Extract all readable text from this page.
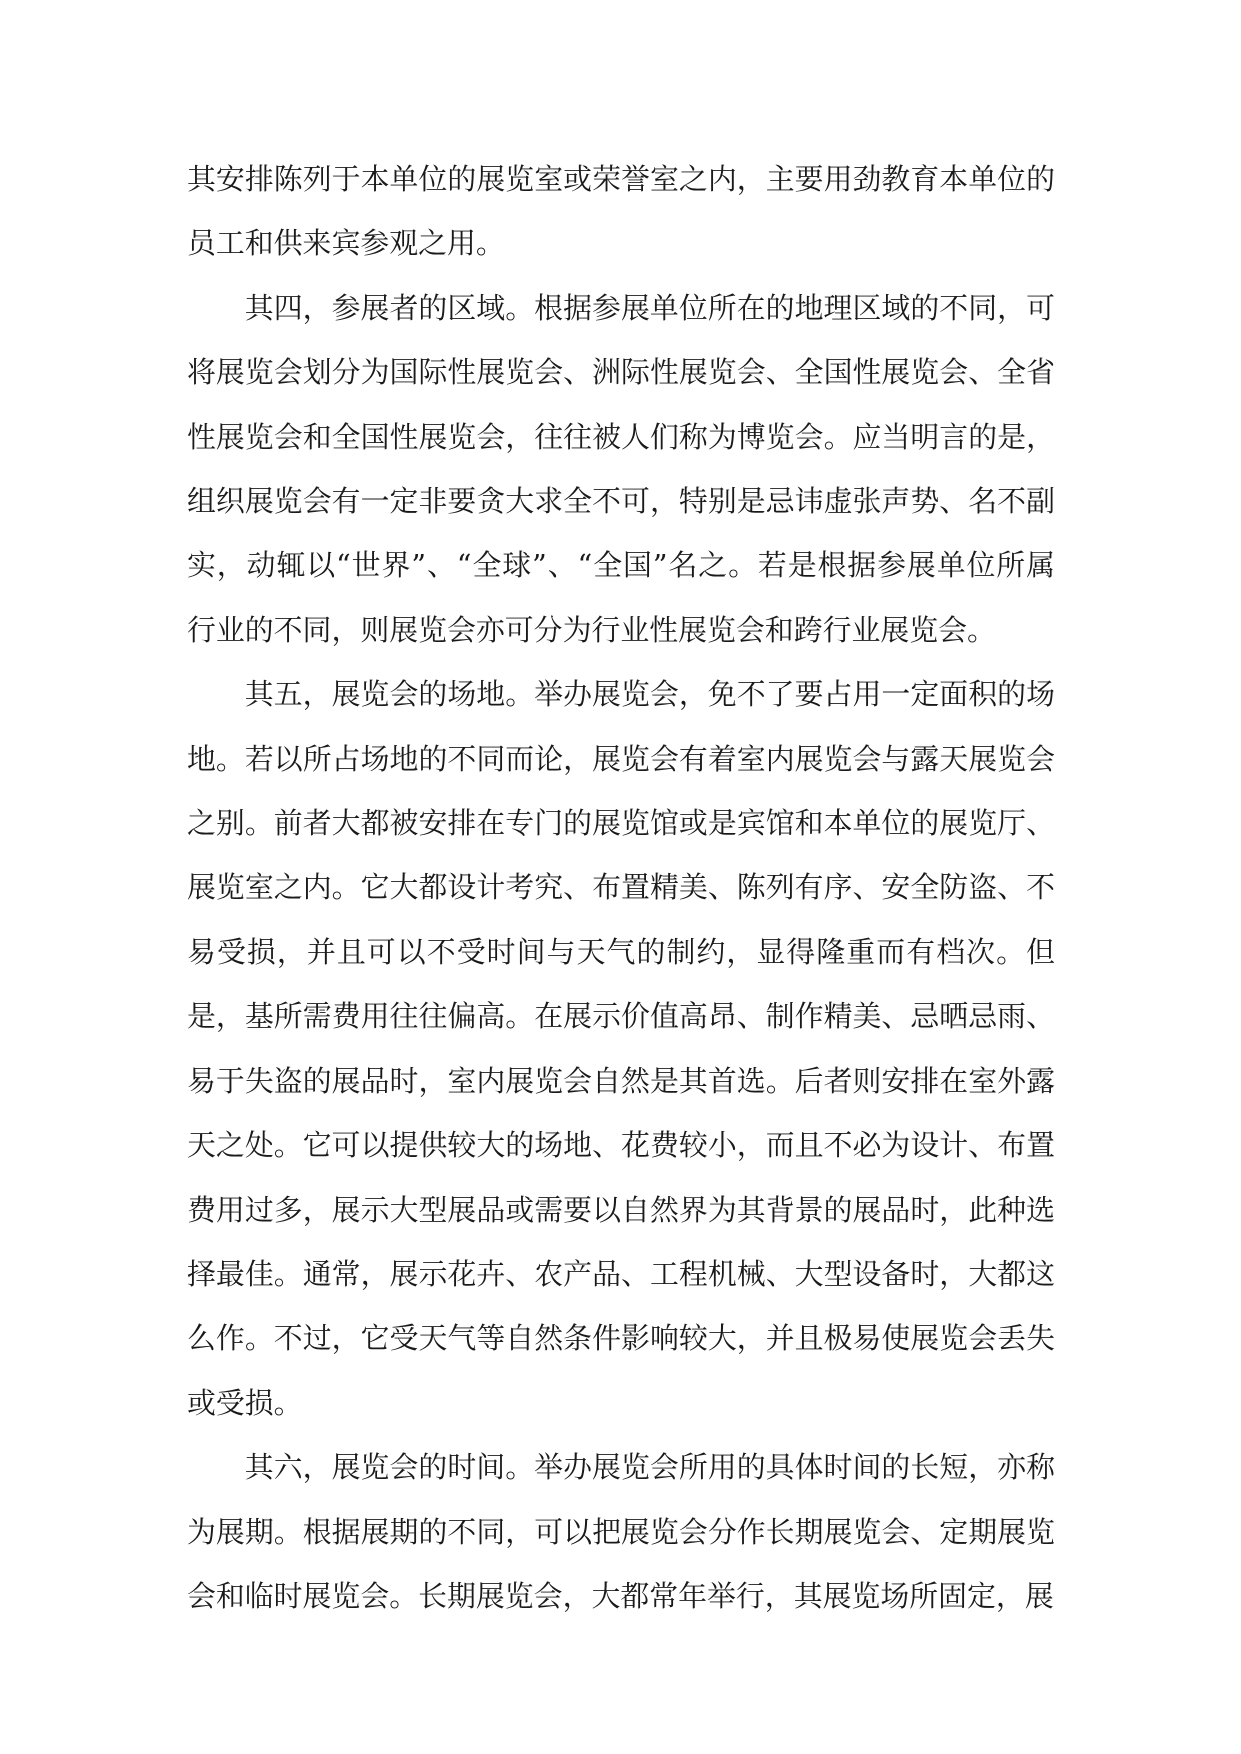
其安排陈列于本单位的展览室或荣誉室之内，主要用劲教育本单位的员工和供来宾参观之用。

其四，参展者的区域。根据参展单位所在的地理区域的不同，可将展览会划分为国际性展览会、洲际性展览会、全国性展览会、全省性展览会和全国性展览会，往往被人们称为博览会。应当明言的是，组织展览会有一定非要贪大求全不可，特别是忌讳虚张声势、名不副实，动辄以“世界”、“全球”、“全国”名之。若是根据参展单位所属行业的不同，则展览会亦可分为行业性展览会和跨行业展览会。

其五，展览会的场地。举办展览会，免不了要占用一定面积的场地。若以所占场地的不同而论，展览会有着室内展览会与露天展览会之别。前者大都被安排在专门的展览馆或是宾馆和本单位的展览厅、展览室之内。它大都设计考究、布置精美、陈列有序、安全防盗、不易受损，并且可以不受时间与天气的制约，显得隆重而有档次。但是，基所需费用往往偏高。在展示价值高昂、制作精美、忌晒忌雨、易于失盗的展品时，室内展览会自然是其首选。后者则安排在室外露天之处。它可以提供较大的场地、花费较小，而且不必为设计、布置费用过多，展示大型展品或需要以自然界为其背景的展品时，此种选择最佳。通常，展示花卉、农产品、工程机械、大型设备时，大都这么作。不过，它受天气等自然条件影响较大，并且极易使展览会丢失或受损。

其六，展览会的时间。举办展览会所用的具体时间的长短，亦称为展期。根据展期的不同，可以把展览会分作长期展览会、定期展览会和临时展览会。长期展览会，大都常年举行，其展览场所固定，展
